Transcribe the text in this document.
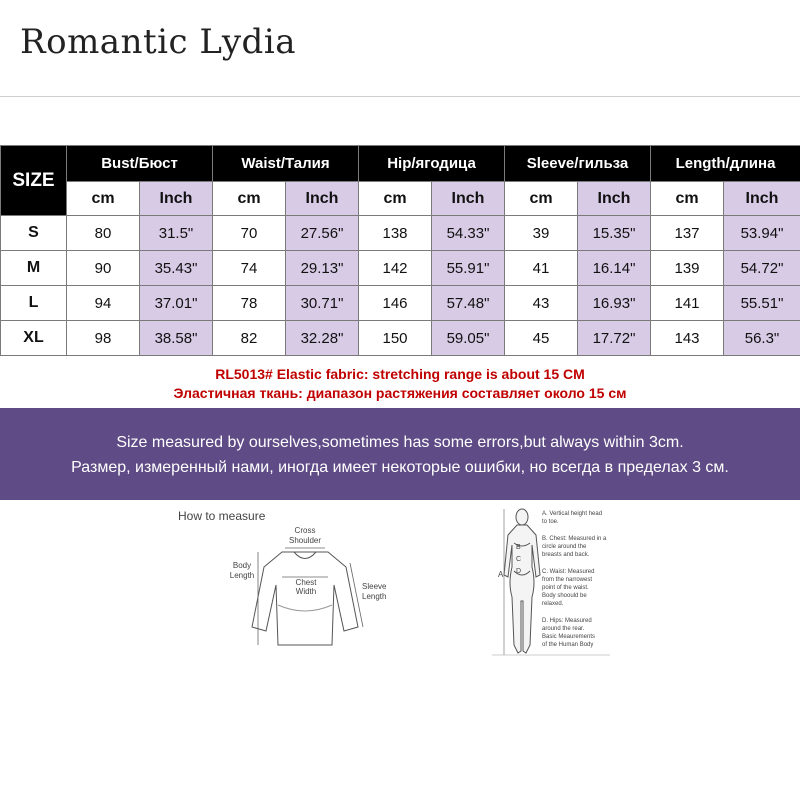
Romantic Lydia
SIZE	Bust/Бюст		Waist/Талия		Hip/ягодица		Sleeve/гильза		Length/длина	
	cm	Inch	cm	Inch	cm	Inch	cm	Inch	cm	Inch
S	80	31.5"	70	27.56"	138	54.33"	39	15.35"	137	53.94"
M	90	35.43"	74	29.13"	142	55.91"	41	16.14"	139	54.72"
L	94	37.01"	78	30.71"	146	57.48"	43	16.93"	141	55.51"
XL	98	38.58"	82	32.28"	150	59.05"	45	17.72"	143	56.3"
RL5013# Elastic fabric: stretching range is about 15 CM
Эластичная ткань: диапазон растяжения составляет около 15 см
Size measured by ourselves,sometimes has some errors,but always within 3cm.
Размер, измеренный нами, иногда имеет некоторые ошибки, но всегда в пределах 3 см.
How to measure
Cross
Shoulder
Body
Length
Chest
Width
Sleeve
Length
A
B
C
D
A. Vertical height head
to toe.
B. Chest: Measured in a
circle around the
breasts and back.
C. Waist: Measured
from the narrowest
point of the waist.
Body shoould be
relaxed.
D. Hips: Measured
around the rear.
Basic Meaurements
of the Human Body
